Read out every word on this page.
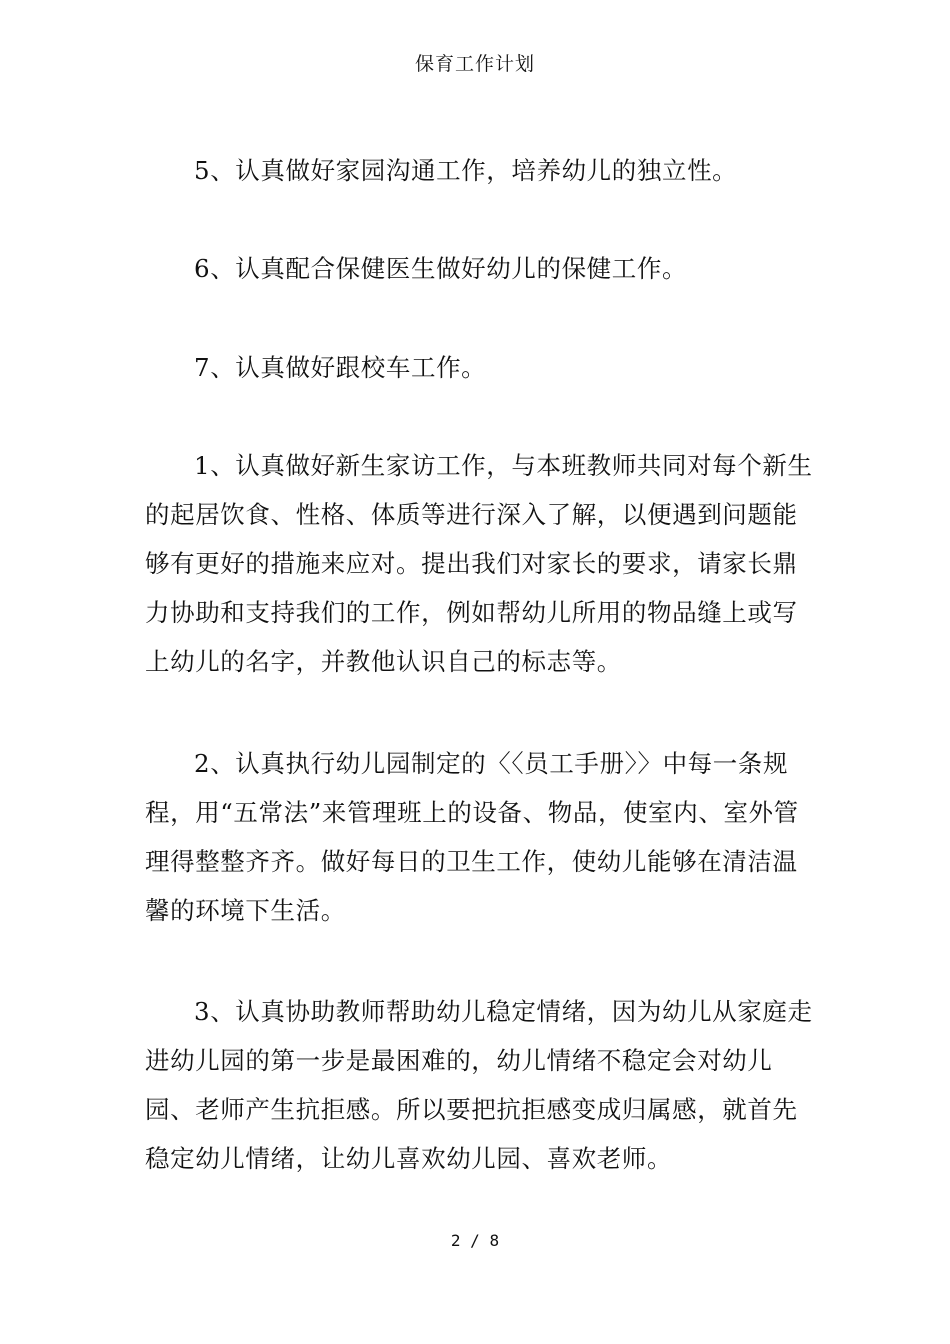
保育工作计划

5、认真做好家园沟通工作，培养幼儿的独立性。

6、认真配合保健医生做好幼儿的保健工作。

7、认真做好跟校车工作。

1、认真做好新生家访工作，与本班教师共同对每个新生的起居饮食、性格、体质等进行深入了解，以便遇到问题能够有更好的措施来应对。提出我们对家长的要求，请家长鼎力协助和支持我们的工作，例如帮幼儿所用的物品缝上或写上幼儿的名字，并教他认识自己的标志等。

2、认真执行幼儿园制定的〈〈员工手册〉〉中每一条规程，用“五常法”来管理班上的设备、物品，使室内、室外管理得整整齐齐。做好每日的卫生工作，使幼儿能够在清洁温馨的环境下生活。

3、认真协助教师帮助幼儿稳定情绪，因为幼儿从家庭走进幼儿园的第一步是最困难的，幼儿情绪不稳定会对幼儿园、老师产生抗拒感。所以要把抗拒感变成归属感，就首先稳定幼儿情绪，让幼儿喜欢幼儿园、喜欢老师。

2 / 8
